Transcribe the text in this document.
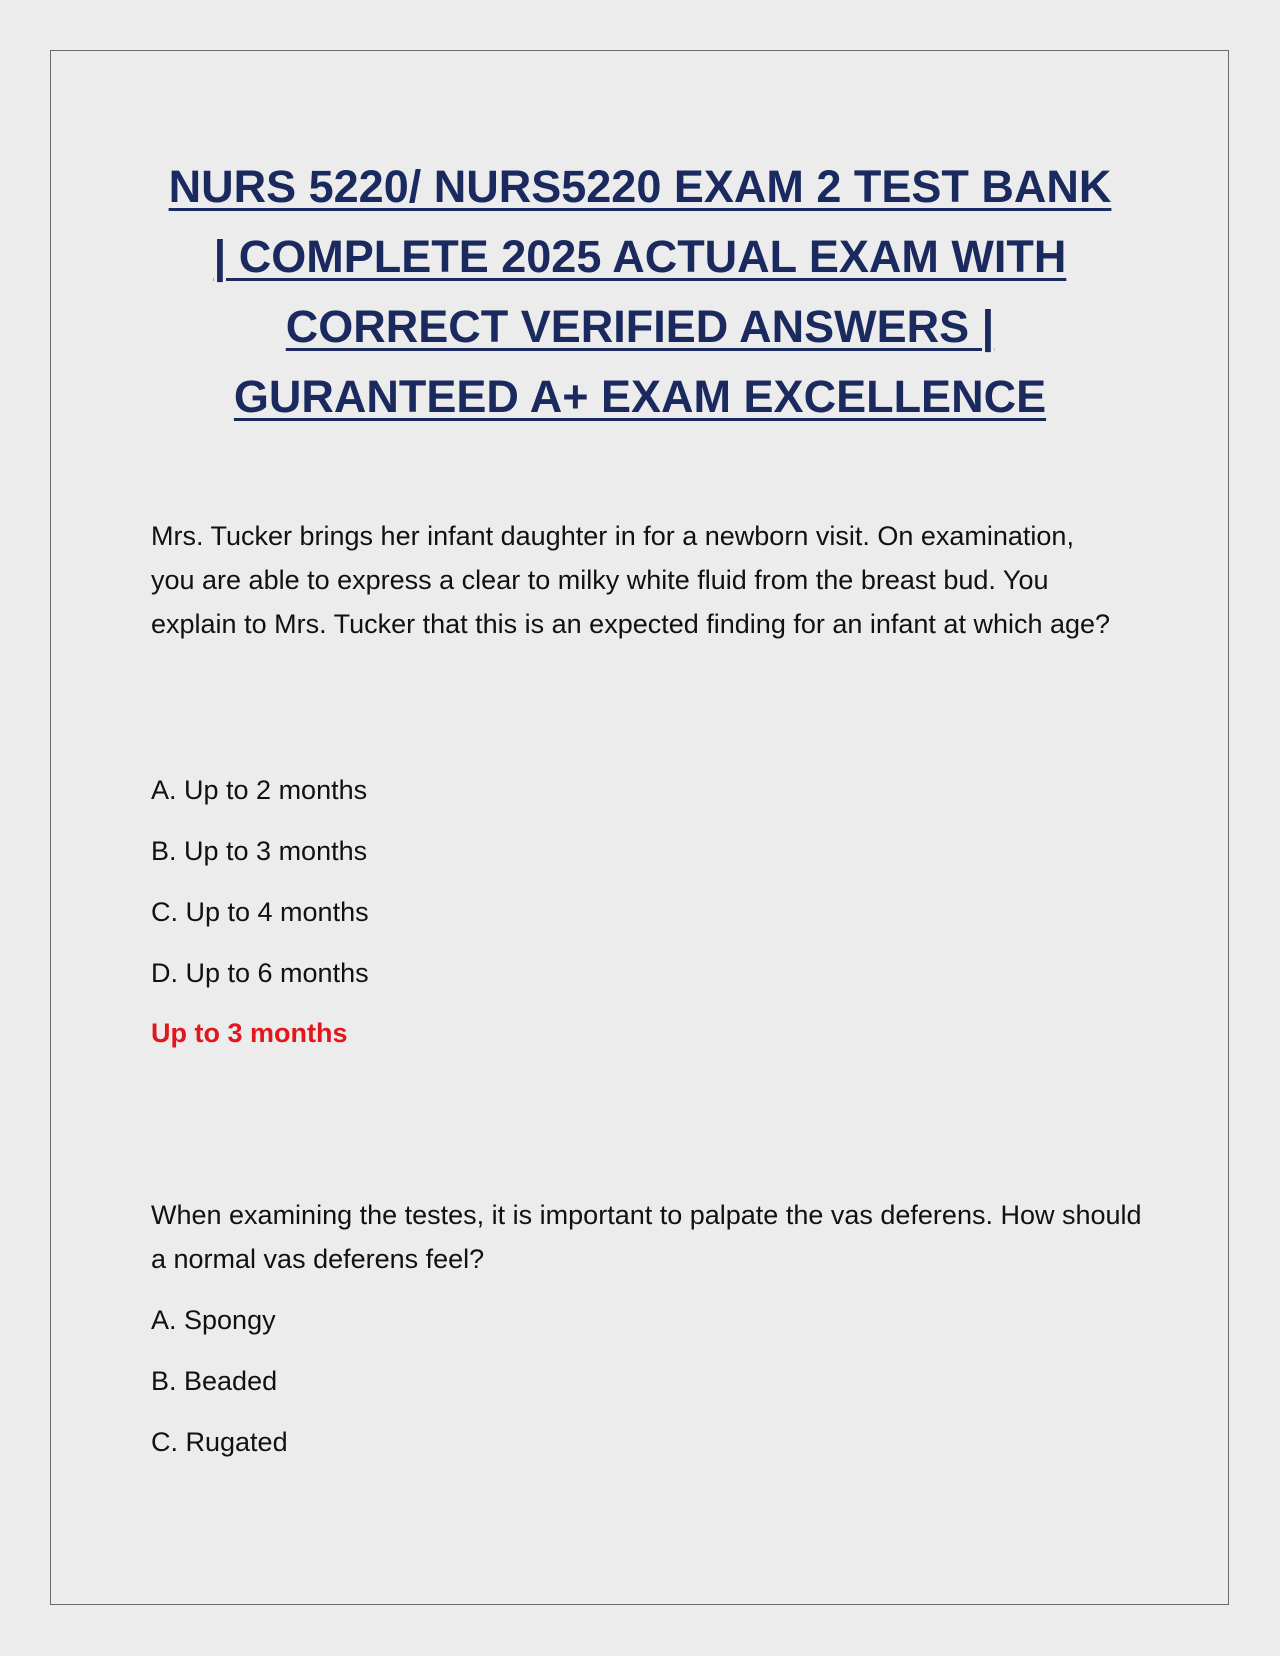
NURS 5220/ NURS5220 EXAM 2 TEST BANK
| COMPLETE 2025 ACTUAL EXAM WITH
CORRECT VERIFIED ANSWERS |
GURANTEED A+ EXAM EXCELLENCE

Mrs. Tucker brings her infant daughter in for a newborn visit. On examination, you are able to express a clear to milky white fluid from the breast bud. You explain to Mrs. Tucker that this is an expected finding for an infant at which age?

A. Up to 2 months
B. Up to 3 months
C. Up to 4 months
D. Up to 6 months

Up to 3 months

When examining the testes, it is important to palpate the vas deferens. How should a normal vas deferens feel?

A. Spongy
B. Beaded
C. Rugated
